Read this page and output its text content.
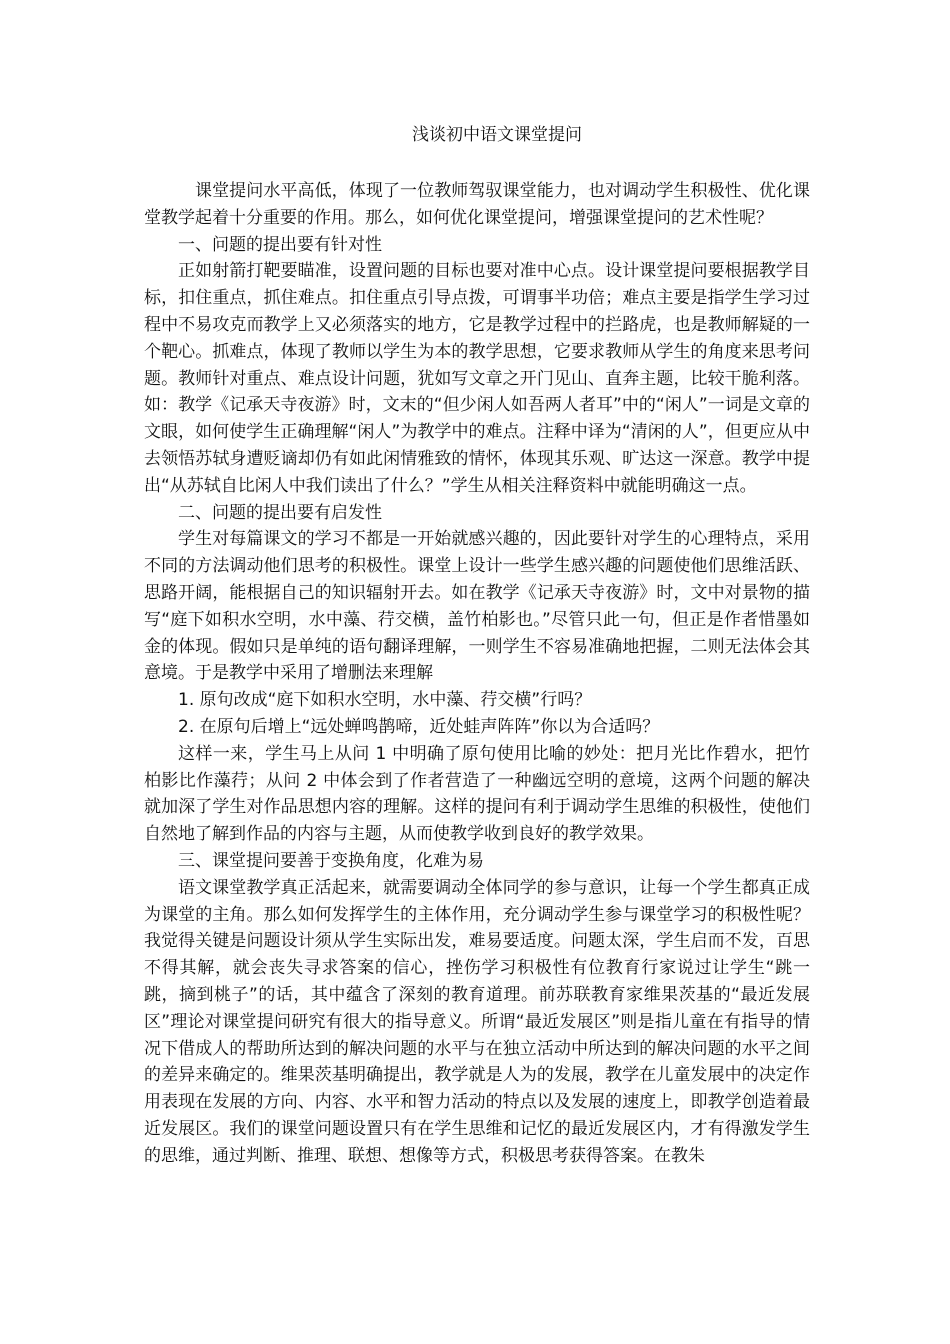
浅谈初中语文课堂提问

课堂提问水平高低，体现了一位教师驾驭课堂能力，也对调动学生积极性、优化课堂教学起着十分重要的作用。那么，如何优化课堂提问，增强课堂提问的艺术性呢？

一、问题的提出要有针对性

正如射箭打靶要瞄准，设置问题的目标也要对准中心点。设计课堂提问要根据教学目标，扣住重点，抓住难点。扣住重点引导点拨，可谓事半功倍；难点主要是指学生学习过程中不易攻克而教学上又必须落实的地方，它是教学过程中的拦路虎，也是教师解疑的一个靶心。抓难点，体现了教师以学生为本的教学思想，它要求教师从学生的角度来思考问题。教师针对重点、难点设计问题，犹如写文章之开门见山、直奔主题，比较干脆利落。如：教学《记承天寺夜游》时，文末的“但少闲人如吾两人者耳”中的“闲人”一词是文章的文眼，如何使学生正确理解“闲人”为教学中的难点。注释中译为“清闲的人”，但更应从中去领悟苏轼身遭贬谪却仍有如此闲情雅致的情怀，体现其乐观、旷达这一深意。教学中提出“从苏轼自比闲人中我们读出了什么？”学生从相关注释资料中就能明确这一点。

二、问题的提出要有启发性

学生对每篇课文的学习不都是一开始就感兴趣的，因此要针对学生的心理特点，采用不同的方法调动他们思考的积极性。课堂上设计一些学生感兴趣的问题使他们思维活跃、思路开阔，能根据自己的知识辐射开去。如在教学《记承天寺夜游》时，文中对景物的描写“庭下如积水空明，水中藻、荇交横，盖竹柏影也。”尽管只此一句，但正是作者惜墨如金的体现。假如只是单纯的语句翻译理解，一则学生不容易准确地把握，二则无法体会其意境。于是教学中采用了增删法来理解

1. 原句改成“庭下如积水空明，水中藻、荇交横”行吗？

2. 在原句后增上“远处蝉鸣鹊啼，近处蛙声阵阵”你以为合适吗？

这样一来，学生马上从问 1 中明确了原句使用比喻的妙处：把月光比作碧水，把竹柏影比作藻荇；从问 2 中体会到了作者营造了一种幽远空明的意境，这两个问题的解决就加深了学生对作品思想内容的理解。这样的提问有利于调动学生思维的积极性，使他们自然地了解到作品的内容与主题，从而使教学收到良好的教学效果。

三、课堂提问要善于变换角度，化难为易

语文课堂教学真正活起来，就需要调动全体同学的参与意识，让每一个学生都真正成为课堂的主角。那么如何发挥学生的主体作用，充分调动学生参与课堂学习的积极性呢？我觉得关键是问题设计须从学生实际出发，难易要适度。问题太深，学生启而不发，百思不得其解，就会丧失寻求答案的信心，挫伤学习积极性有位教育行家说过让学生“跳一跳，摘到桃子”的话，其中蕴含了深刻的教育道理。前苏联教育家维果茨基的“最近发展区”理论对课堂提问研究有很大的指导意义。所谓“最近发展区”则是指儿童在有指导的情况下借成人的帮助所达到的解决问题的水平与在独立活动中所达到的解决问题的水平之间的差异来确定的。维果茨基明确提出，教学就是人为的发展，教学在儿童发展中的决定作用表现在发展的方向、内容、水平和智力活动的特点以及发展的速度上，即教学创造着最近发展区。我们的课堂问题设置只有在学生思维和记忆的最近发展区内，才有得激发学生的思维，通过判断、推理、联想、想像等方式，积极思考获得答案。在教朱
